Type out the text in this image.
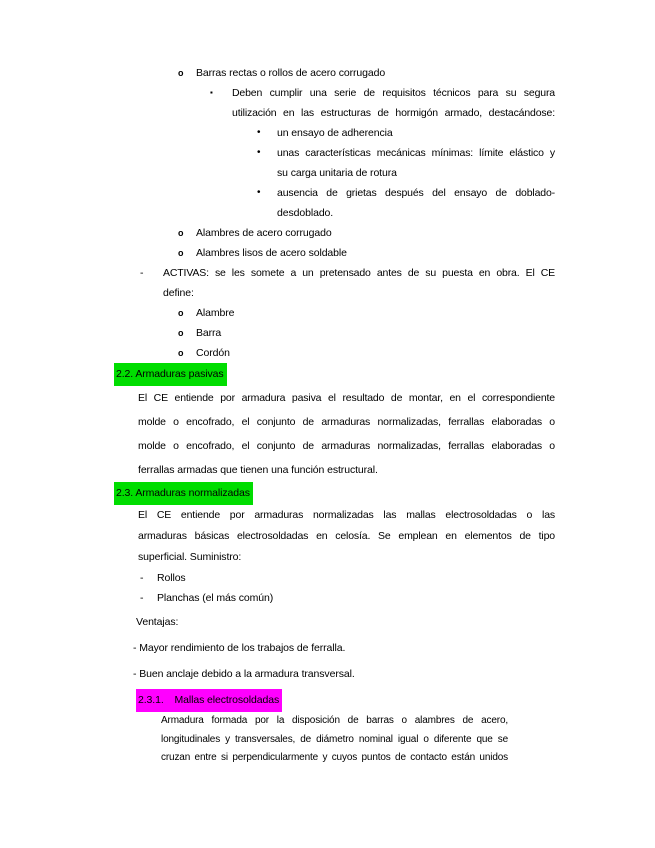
o Barras rectas o rollos de acero corrugado
▪ Deben cumplir una serie de requisitos técnicos para su segura
utilización en las estructuras de hormigón armado, destacándose:
• un ensayo de adherencia
• unas características mecánicas mínimas: límite elástico y
su carga unitaria de rotura
• ausencia de grietas después del ensayo de doblado-
desdoblado.
o Alambres de acero corrugado
o Alambres lisos de acero soldable
- ACTIVAS: se les somete a un pretensado antes de su puesta en obra. El CE
define:
o Alambre
o Barra
o Cordón
2.2. Armaduras pasivas
El CE entiende por armadura pasiva el resultado de montar, en el correspondiente
molde o encofrado, el conjunto de armaduras normalizadas, ferrallas elaboradas o
molde o encofrado, el conjunto de armaduras normalizadas, ferrallas elaboradas o
ferrallas armadas que tienen una función estructural.
2.3. Armaduras normalizadas
El CE entiende por armaduras normalizadas las mallas electrosoldadas o las
armaduras básicas electrosoldadas en celosía. Se emplean en elementos de tipo
superficial. Suministro:
- Rollos
- Planchas (el más común)
Ventajas:
- Mayor rendimiento de los trabajos de ferralla.
- Buen anclaje debido a la armadura transversal.
2.3.1. Mallas electrosoldadas
Armadura formada por la disposición de barras o alambres de acero,
longitudinales y transversales, de diámetro nominal igual o diferente que se
cruzan entre si perpendicularmente y cuyos puntos de contacto están unidos
